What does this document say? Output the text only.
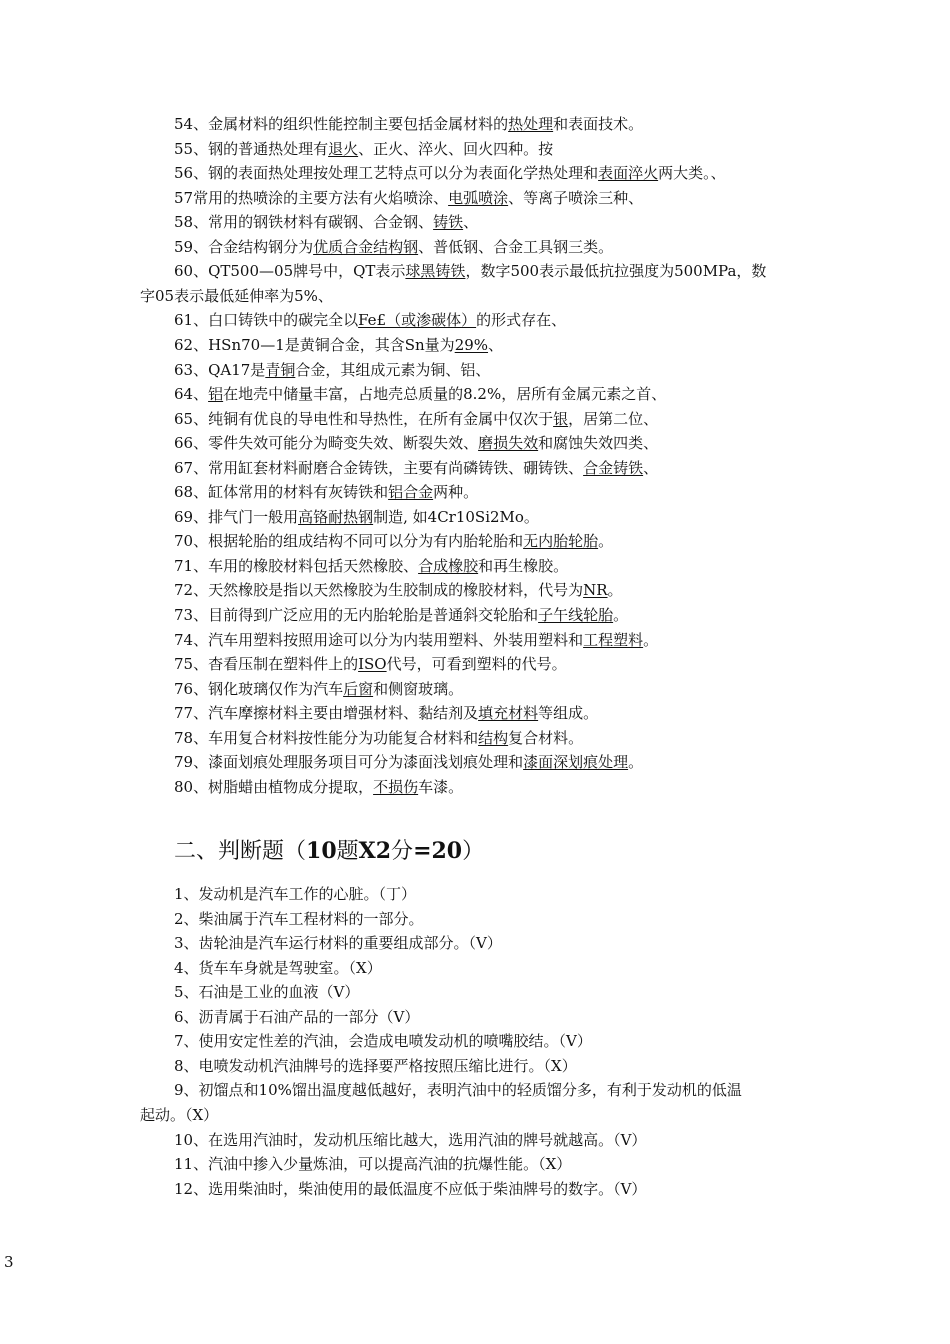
54、金属材料的组织性能控制主要包括金属材料的热处理和表面技术。
55、钢的普通热处理有退火、正火、淬火、回火四种。按
56、钢的表面热处理按处理工艺特点可以分为表面化学热处理和表面淬火两大类。、
57常用的热喷涂的主要方法有火焰喷涂、电弧喷涂、等离子喷涂三种、
58、常用的钢铁材料有碳钢、合金钢、铸铁、
59、合金结构钢分为优质合金结构钢、普低钢、合金工具钢三类。
60、QT500—05牌号中，QT表示球黑铸铁，数字500表示最低抗拉强度为500MPa，数
字05表示最低延伸率为5%、
61、白口铸铁中的碳完全以Fe£（或渗碳体）的形式存在、
62、HSn70—1是黄铜合金，其含Sn量为29%、
63、QA17是青铜合金，其组成元素为铜、铝、
64、铝在地壳中储量丰富，占地壳总质量的8.2%，居所有金属元素之首、
65、纯铜有优良的导电性和导热性，在所有金属中仅次于银，居第二位、
66、零件失效可能分为畸变失效、断裂失效、磨损失效和腐蚀失效四类、
67、常用缸套材料耐磨合金铸铁，主要有尚磷铸铁、硼铸铁、合金铸铁、
68、缸体常用的材料有灰铸铁和铝合金两种。
69、排气门一般用高铬耐热钢制造, 如4Cr10Si2Mo。
70、根据轮胎的组成结构不同可以分为有内胎轮胎和无内胎轮胎。
71、车用的橡胶材料包括天然橡胶、合成橡胶和再生橡胶。
72、天然橡胶是指以天然橡胶为生胶制成的橡胶材料，代号为NR。
73、目前得到广泛应用的无内胎轮胎是普通斜交轮胎和子午线轮胎。
74、汽车用塑料按照用途可以分为内装用塑料、外装用塑料和工程塑料。
75、杳看压制在塑料件上的ISO代号，可看到塑料的代号。
76、钢化玻璃仅作为汽车后窗和侧窗玻璃。
77、汽车摩擦材料主要由增强材料、黏结剂及填充材料等组成。
78、车用复合材料按性能分为功能复合材料和结构复合材料。
79、漆面划痕处理服务项目可分为漆面浅划痕处理和漆面深划痕处理。
80、树脂蜡由植物成分提取，不损伤车漆。
二、判断题（10题X2分=20）
1、发动机是汽车工作的心脏。（丁）
2、柴油属于汽车工程材料的一部分。
3、齿轮油是汽车运行材料的重要组成部分。（V）
4、货车车身就是驾驶室。（X）
5、石油是工业的血液（V）
6、沥青属于石油产品的一部分（V）
7、使用安定性差的汽油，会造成电喷发动机的喷嘴胶结。（V）
8、电喷发动机汽油牌号的选择要严格按照压缩比进行。（X）
9、初馏点和10%馏出温度越低越好，表明汽油中的轻质馏分多，有利于发动机的低温
起动。（X）
10、在选用汽油时，发动机压缩比越大，选用汽油的牌号就越高。（V）
11、汽油中掺入少量炼油，可以提高汽油的抗爆性能。（X）
12、选用柴油时，柴油使用的最低温度不应低于柴油牌号的数字。（V）
3
